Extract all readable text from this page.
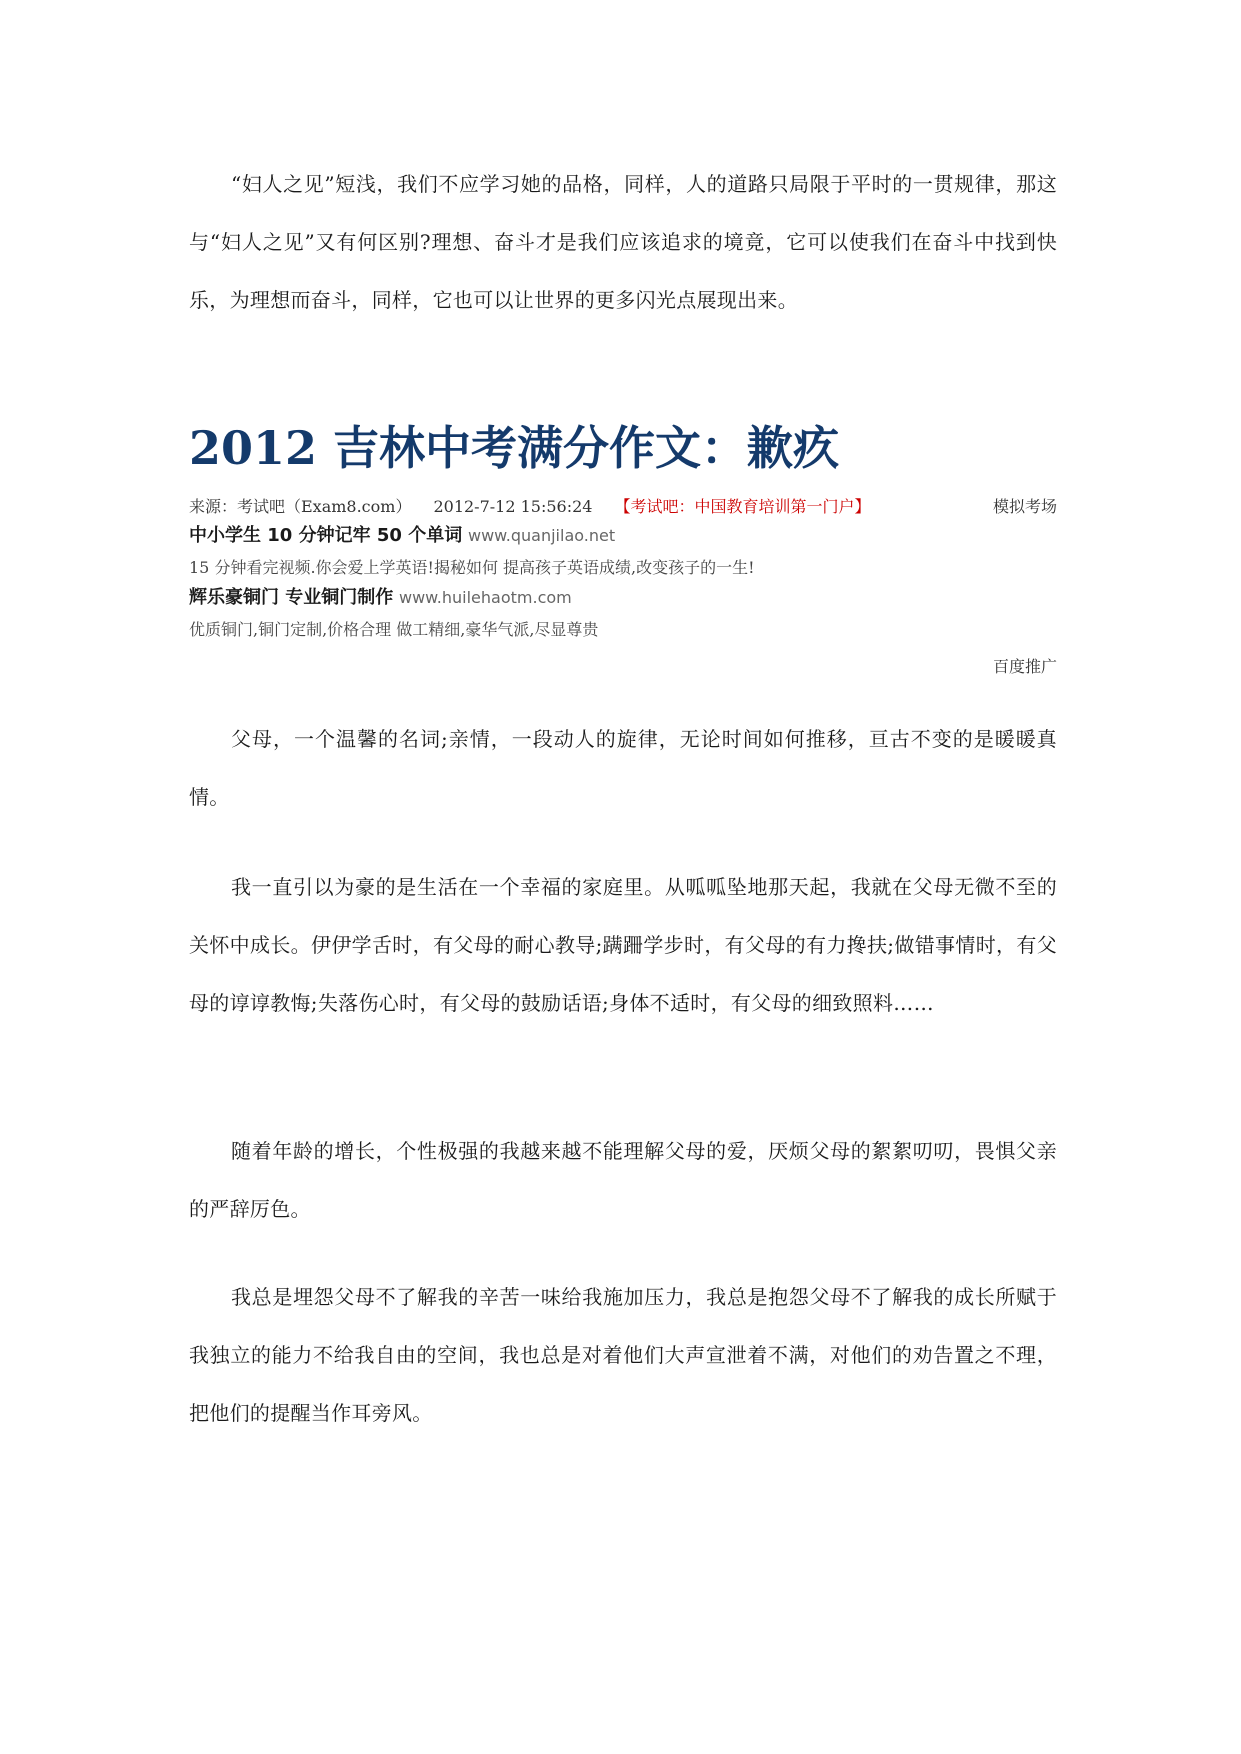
“妇人之见”短浅，我们不应学习她的品格，同样，人的道路只局限于平时的一贯规律，那这与“妇人之见”又有何区别?理想、奋斗才是我们应该追求的境竟，它可以使我们在奋斗中找到快乐，为理想而奋斗，同样，它也可以让世界的更多闪光点展现出来。

2012 吉林中考满分作文：歉疚
来源：考试吧（Exam8.com） 2012-7-12 15:56:24 【考试吧：中国教育培训第一门户】	模拟考场
中小学生 10 分钟记牢 50 个单词 www.quanjilao.net
15 分钟看完视频.你会爱上学英语!揭秘如何 提高孩子英语成绩,改变孩子的一生!
辉乐豪铜门 专业铜门制作 www.huilehaotm.com
优质铜门,铜门定制,价格合理 做工精细,豪华气派,尽显尊贵
百度推广

父母，一个温馨的名词;亲情，一段动人的旋律，无论时间如何推移，亘古不变的是暖暖真情。

我一直引以为豪的是生活在一个幸福的家庭里。从呱呱坠地那天起，我就在父母无微不至的关怀中成长。伊伊学舌时，有父母的耐心教导;蹒跚学步时，有父母的有力搀扶;做错事情时，有父母的谆谆教悔;失落伤心时，有父母的鼓励话语;身体不适时，有父母的细致照料……

随着年龄的增长，个性极强的我越来越不能理解父母的爱，厌烦父母的絮絮叨叨，畏惧父亲的严辞厉色。

我总是埋怨父母不了解我的辛苦一味给我施加压力，我总是抱怨父母不了解我的成长所赋于我独立的能力不给我自由的空间，我也总是对着他们大声宣泄着不满，对他们的劝告置之不理，把他们的提醒当作耳旁风。
